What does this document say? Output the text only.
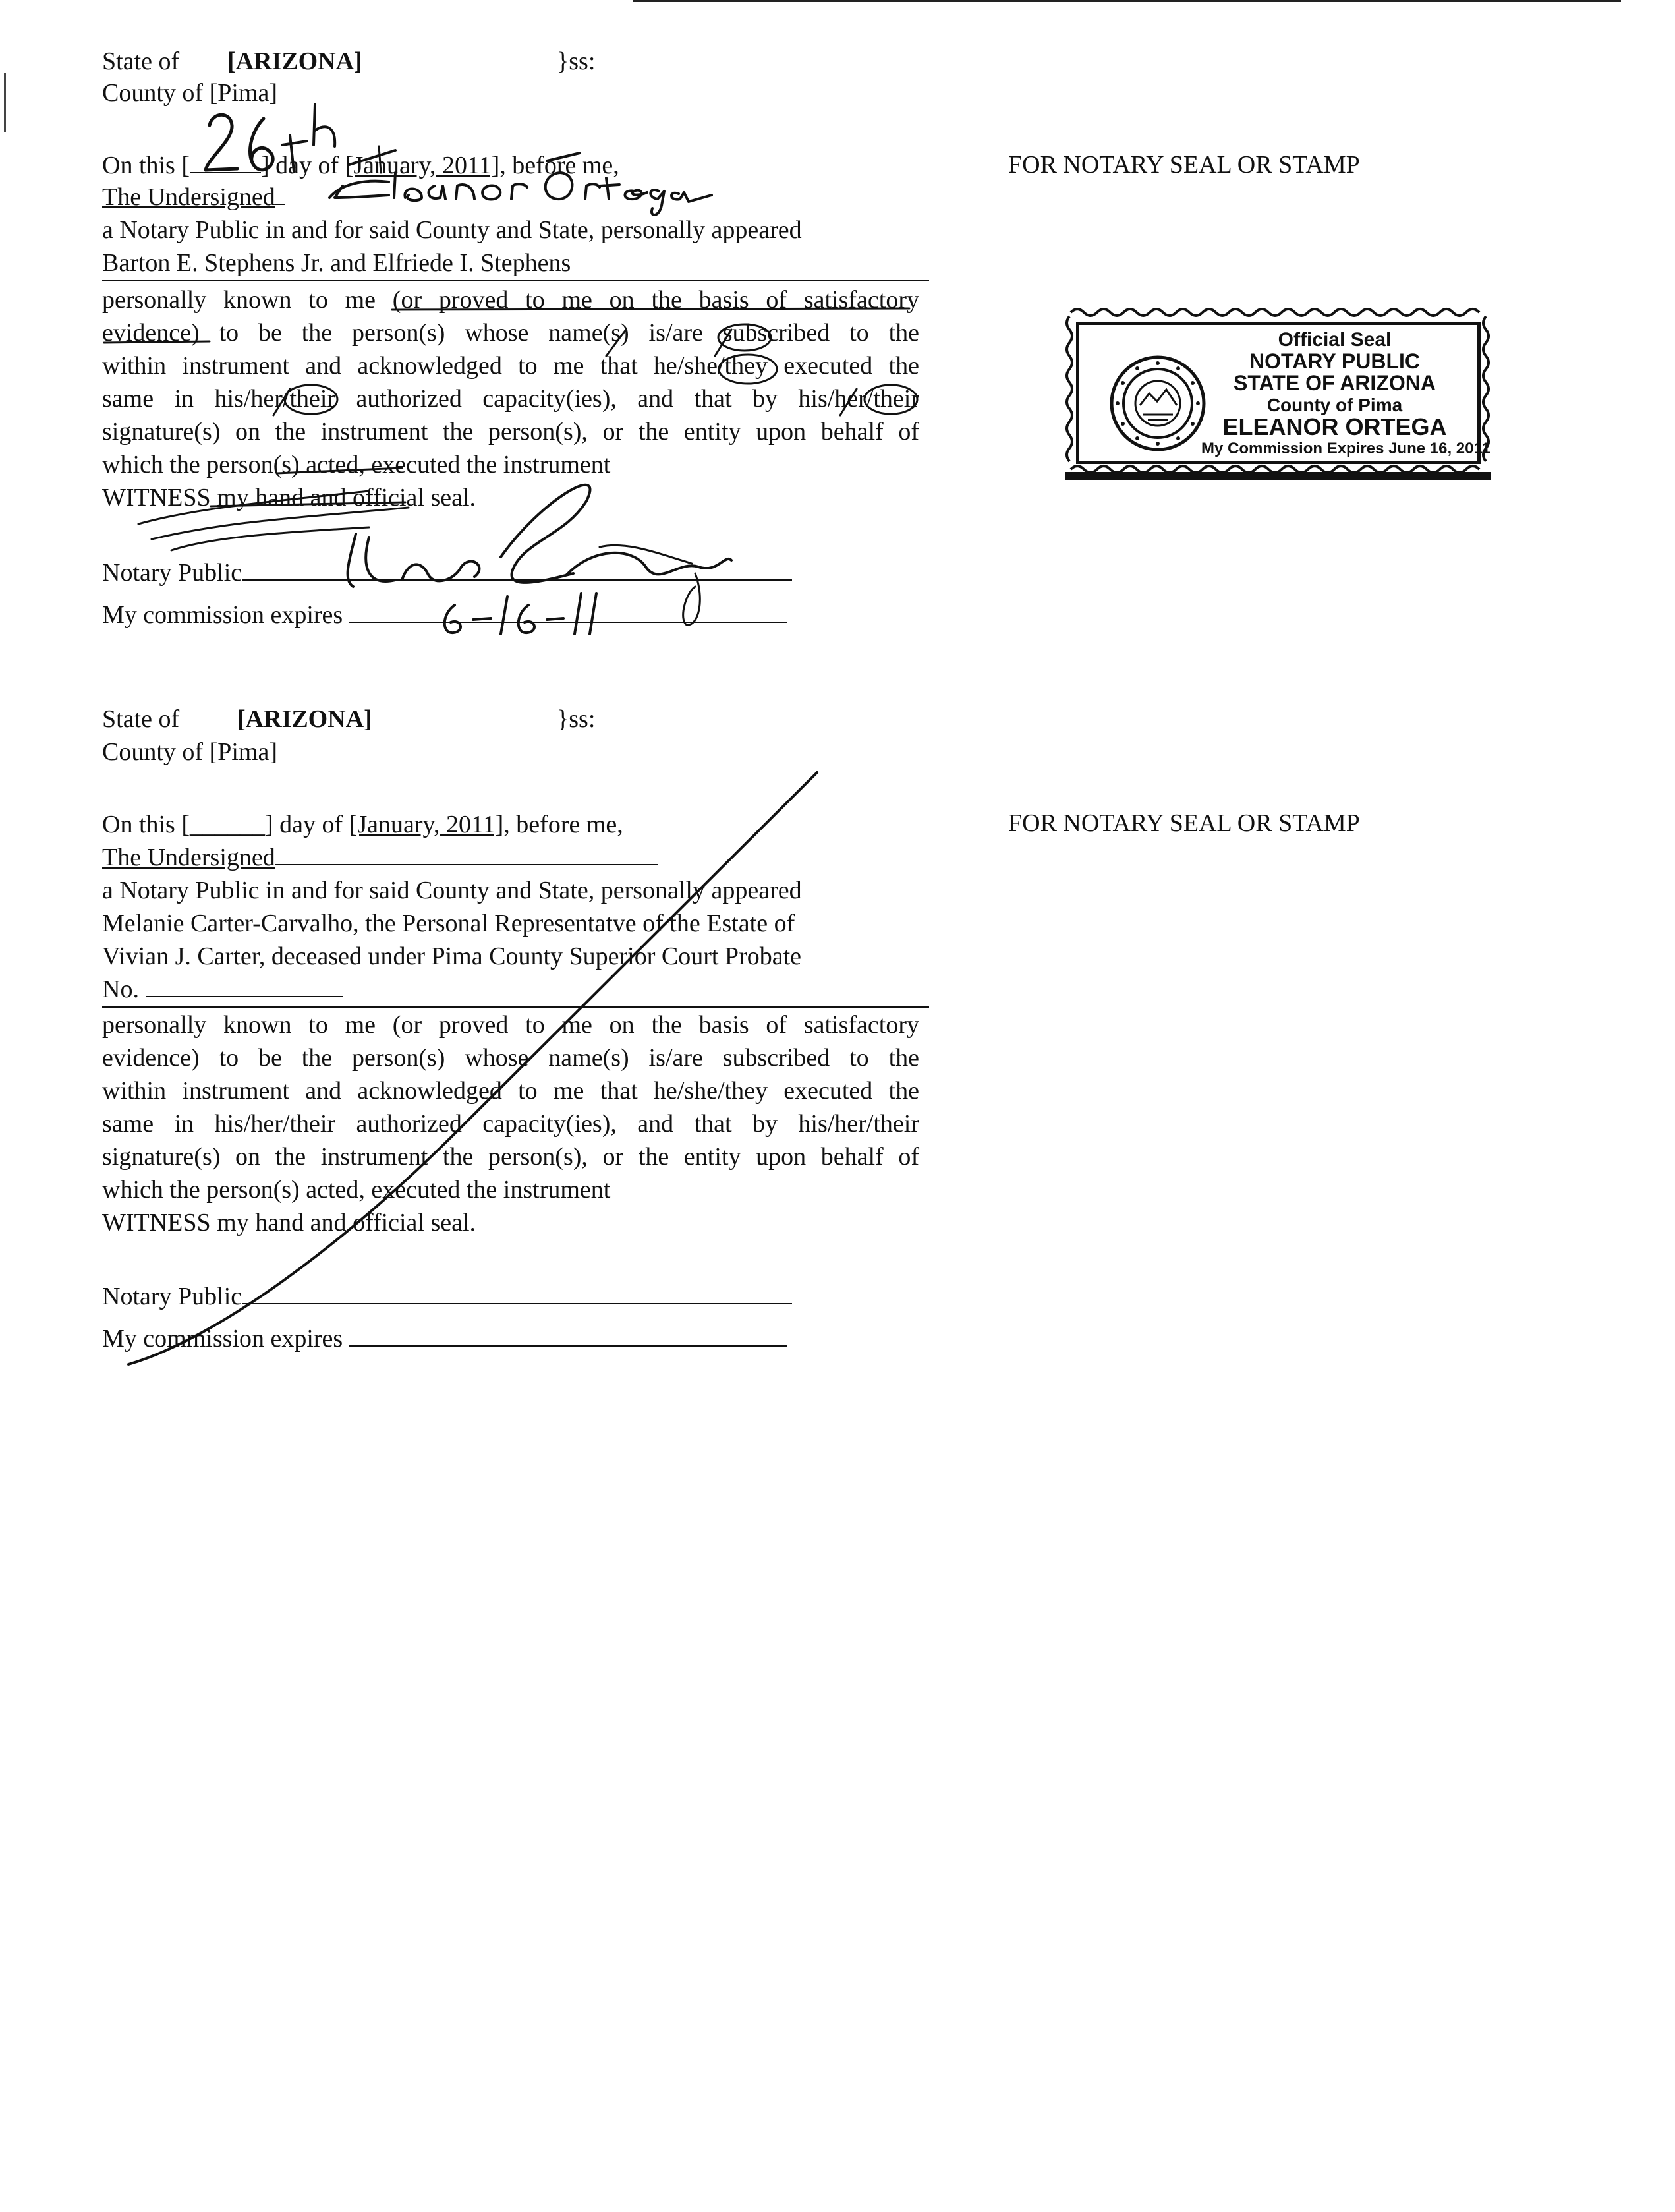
State of [ARIZONA]	}ss:
County of [Pima]
On this [	] day of [January, 2011], before me,
The Undersigned
a Notary Public in and for said County and State, personally appeared
Barton E. Stephens Jr. and Elfriede I. Stephens
personally known to me (or proved to me on the basis of satisfactory
evidence) to be the person(s) whose name(s) is/are subscribed to the
within instrument and acknowledged to me that he/she/they executed the
same in his/her/their authorized capacity(ies), and that by his/her/their
signature(s) on the instrument the person(s), or the entity upon behalf of
which the person(s) acted, executed the instrument
WITNESS my hand and official seal.
Notary Public
My commission expires
FOR NOTARY SEAL OR STAMP
Official Seal
NOTARY PUBLIC
STATE OF ARIZONA
County of Pima
ELEANOR ORTEGA
My Commission Expires June 16, 2011
State of [ARIZONA]	}ss:
County of [Pima]
On this [______] day of [January, 2011], before me,
The Undersigned
a Notary Public in and for said County and State, personally appeared
Melanie Carter-Carvalho, the Personal Representatve of the Estate of
Vivian J. Carter, deceased under Pima County Superior Court Probate
No.
personally known to me (or proved to me on the basis of satisfactory
evidence) to be the person(s) whose name(s) is/are subscribed to the
within instrument and acknowledged to me that he/she/they executed the
same in his/her/their authorized capacity(ies), and that by his/her/their
signature(s) on the instrument the person(s), or the entity upon behalf of
which the person(s) acted, executed the instrument
WITNESS my hand and official seal.
Notary Public
My commission expires
FOR NOTARY SEAL OR STAMP
